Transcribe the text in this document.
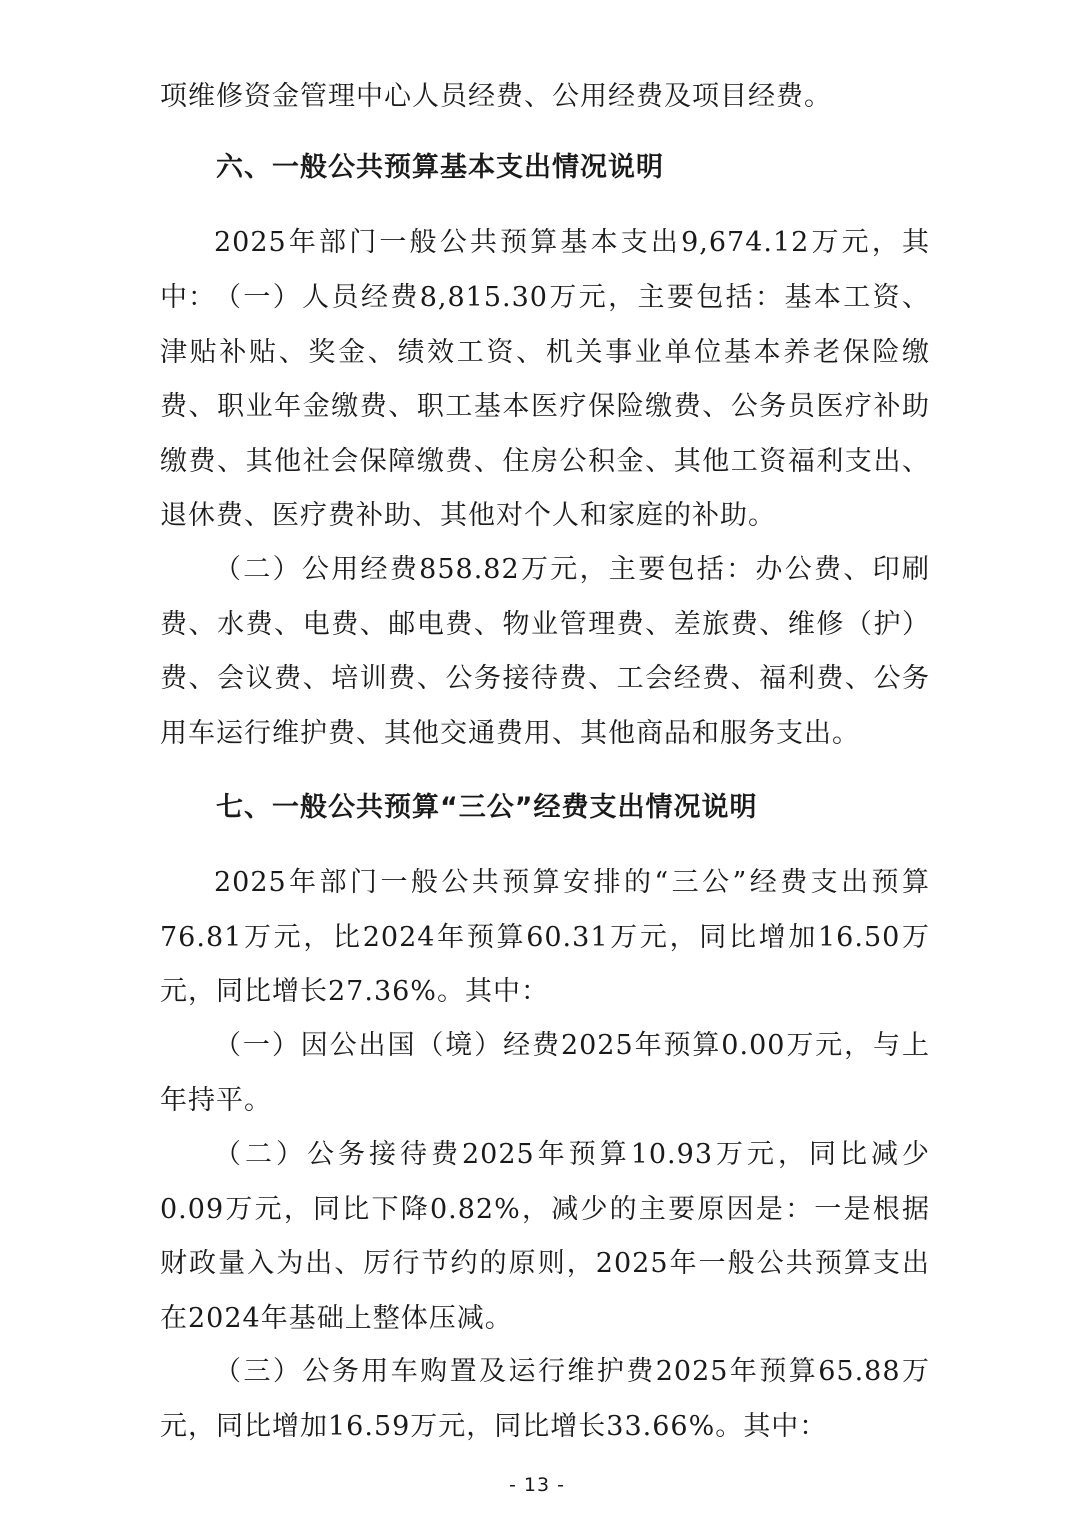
项维修资金管理中心人员经费、公用经费及项目经费。

六、一般公共预算基本支出情况说明

2025年部门一般公共预算基本支出9,674.12万元，其中：

（一）人员经费8,815.30万元，主要包括：基本工资、津贴补贴、奖金、绩效工资、机关事业单位基本养老保险缴费、职业年金缴费、职工基本医疗保险缴费、公务员医疗补助缴费、其他社会保障缴费、住房公积金、其他工资福利支出、退休费、医疗费补助、其他对个人和家庭的补助。

（二）公用经费858.82万元，主要包括：办公费、印刷费、水费、电费、邮电费、物业管理费、差旅费、维修（护）费、会议费、培训费、公务接待费、工会经费、福利费、公务用车运行维护费、其他交通费用、其他商品和服务支出。

七、一般公共预算“三公”经费支出情况说明

2025年部门一般公共预算安排的“三公”经费支出预算76.81万元，比2024年预算60.31万元，同比增加16.50万元，同比增长27.36%。其中：

（一）因公出国（境）经费2025年预算0.00万元，与上年持平。

（二）公务接待费2025年预算10.93万元，同比减少0.09万元，同比下降0.82%，减少的主要原因是：一是根据财政量入为出、厉行节约的原则，2025年一般公共预算支出在2024年基础上整体压减。

（三）公务用车购置及运行维护费2025年预算65.88万元，同比增加16.59万元，同比增长33.66%。其中：

- 13 -
